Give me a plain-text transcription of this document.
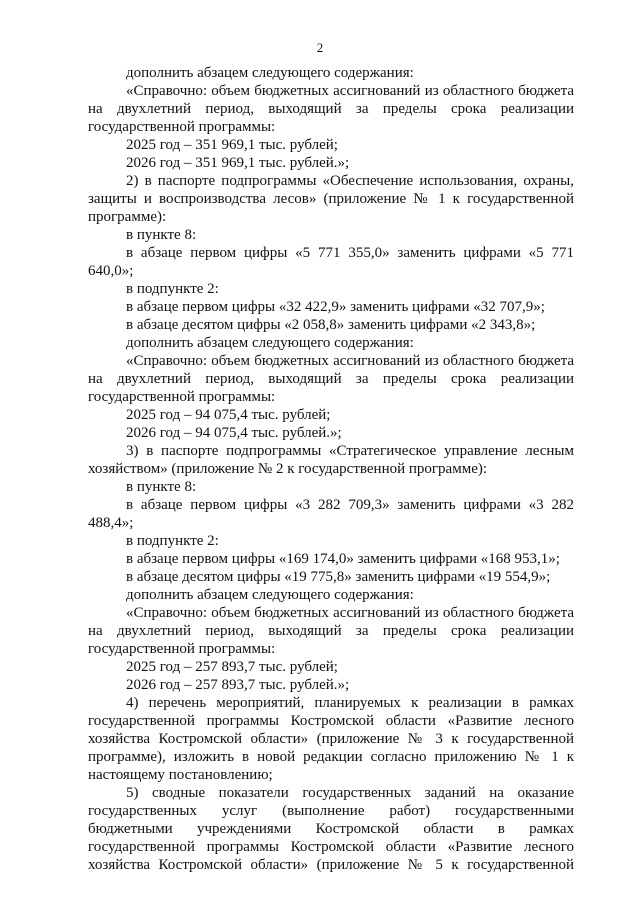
2

дополнить абзацем следующего содержания:

«Справочно: объем бюджетных ассигнований из областного бюджета на двухлетний период, выходящий за пределы срока реализации государственной программы:

2025 год – 351 969,1 тыс. рублей;

2026 год – 351 969,1 тыс. рублей.»;

2) в паспорте подпрограммы «Обеспечение использования, охраны, защиты и воспроизводства лесов» (приложение № 1 к государственной программе):

в пункте 8:

в абзаце первом цифры «5 771 355,0» заменить цифрами «5 771 640,0»;

в подпункте 2:

в абзаце первом цифры «32 422,9» заменить цифрами «32 707,9»;

в абзаце десятом цифры «2 058,8» заменить цифрами «2 343,8»;

дополнить абзацем следующего содержания:

«Справочно: объем бюджетных ассигнований из областного бюджета на двухлетний период, выходящий за пределы срока реализации государственной программы:

2025 год – 94 075,4 тыс. рублей;

2026 год – 94 075,4 тыс. рублей.»;

3) в паспорте подпрограммы «Стратегическое управление лесным хозяйством» (приложение № 2 к государственной программе):

в пункте 8:

в абзаце первом цифры «3 282 709,3» заменить цифрами «3 282 488,4»;

в подпункте 2:

в абзаце первом цифры «169 174,0» заменить цифрами «168 953,1»;

в абзаце десятом цифры «19 775,8» заменить цифрами «19 554,9»;

дополнить абзацем следующего содержания:

«Справочно: объем бюджетных ассигнований из областного бюджета на двухлетний период, выходящий за пределы срока реализации государственной программы:

2025 год – 257 893,7 тыс. рублей;

2026 год – 257 893,7 тыс. рублей.»;

4) перечень мероприятий, планируемых к реализации в рамках государственной программы Костромской области «Развитие лесного хозяйства Костромской области» (приложение № 3 к государственной программе), изложить в новой редакции согласно приложению № 1 к настоящему постановлению;

5) сводные показатели государственных заданий на оказание государственных услуг (выполнение работ) государственными бюджетными учреждениями Костромской области в рамках государственной программы Костромской области «Развитие лесного хозяйства Костромской области» (приложение № 5 к государственной
